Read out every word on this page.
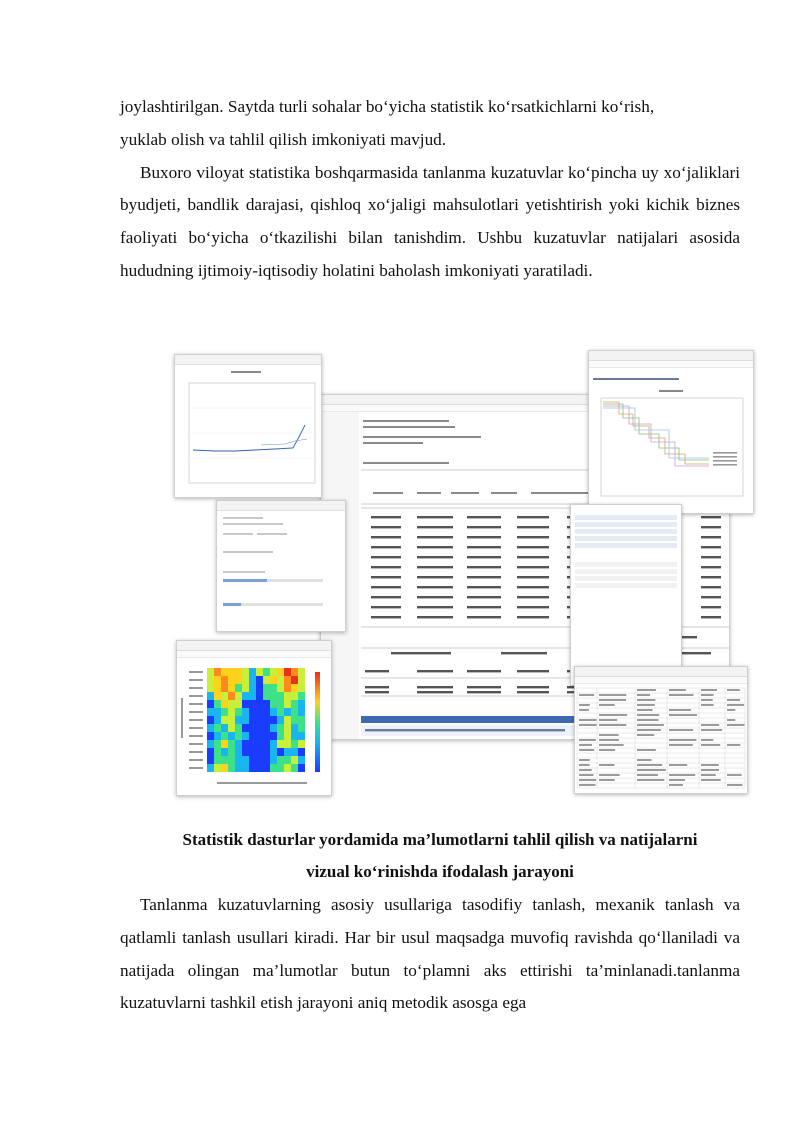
joylashtirilgan. Saytda turli sohalar bo‘yicha statistik ko‘rsatkichlarni ko‘rish,
yuklab olish va tahlil qilish imkoniyati mavjud.

Buxoro viloyat statistika boshqarmasida tanlanma kuzatuvlar ko‘pincha uy xo‘jaliklari byudjeti, bandlik darajasi, qishloq xo‘jaligi mahsulotlari yetishtirish yoki kichik biznes faoliyati bo‘yicha o‘tkazilishi bilan tanishdim. Ushbu kuzatuvlar natijalari asosida hududning ijtimoiy-iqtisodiy holatini baholash imkoniyati yaratiladi.

Statistik dasturlar yordamida ma’lumotlarni tahlil qilish va natijalarni
vizual ko‘rinishda ifodalash jarayoni

Tanlanma kuzatuvlarning asosiy usullariga tasodifiy tanlash, mexanik tanlash va qatlamli tanlash usullari kiradi. Har bir usul maqsadga muvofiq ravishda qo‘llaniladi va natijada olingan ma’lumotlar butun to‘plamni aks ettirishi ta’minlanadi.tanlanma kuzatuvlarni tashkil etish jarayoni aniq metodik asosga ega
